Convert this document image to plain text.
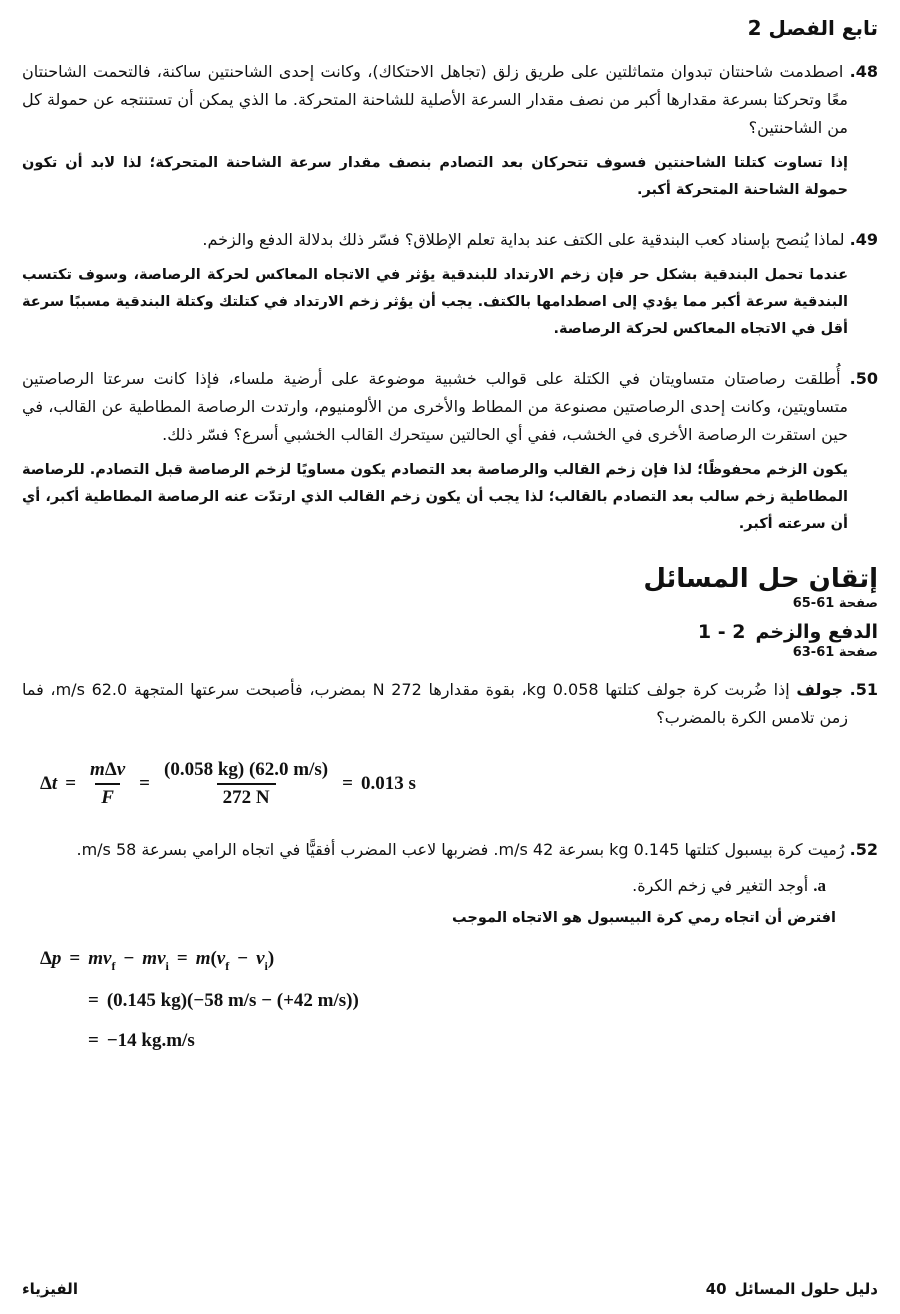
تابع الفصل 2

48. اصطدمت شاحنتان تبدوان متماثلتين على طريق زلق (تجاهل الاحتكاك)، وكانت إحدى الشاحنتين ساكنة، فالتحمت الشاحنتان معًا وتحركتا بسرعة مقدارها أكبر من نصف مقدار السرعة الأصلية للشاحنة المتحركة. ما الذي يمكن أن تستنتجه عن حمولة كل من الشاحنتين؟

إذا تساوت كتلتا الشاحنتين فسوف تتحركان بعد التصادم بنصف مقدار سرعة الشاحنة المتحركة؛ لذا لابد أن تكون حمولة الشاحنة المتحركة أكبر.

49. لماذا يُنصح بإسناد كعب البندقية على الكتف عند بداية تعلم الإطلاق؟ فسّر ذلك بدلالة الدفع والزخم.

عندما تحمل البندقية بشكل حر فإن زخم الارتداد للبندقية يؤثر في الاتجاه المعاكس لحركة الرصاصة، وسوف تكتسب البندقية سرعة أكبر مما يؤدي إلى اصطدامها بالكتف. يجب أن يؤثر زخم الارتداد في كتلتك وكتلة البندقية مسببًا سرعة أقل في الاتجاه المعاكس لحركة الرصاصة.

50. أُطلقت رصاصتان متساويتان في الكتلة على قوالب خشبية موضوعة على أرضية ملساء، فإذا كانت سرعتا الرصاصتين متساويتين، وكانت إحدى الرصاصتين مصنوعة من المطاط والأخرى من الألومنيوم، وارتدت الرصاصة المطاطية عن القالب، في حين استقرت الرصاصة الأخرى في الخشب، ففي أي الحالتين سيتحرك القالب الخشبي أسرع؟ فسّر ذلك.

يكون الزخم محفوظًا؛ لذا فإن زخم القالب والرصاصة بعد التصادم يكون مساويًا لزخم الرصاصة قبل التصادم. للرصاصة المطاطية زخم سالب بعد التصادم بالقالب؛ لذا يجب أن يكون زخم القالب الذي ارتدّت عنه الرصاصة المطاطية أكبر، أي أن سرعته أكبر.

إتقان حل المسائل
صفحة 61-65
الدفع والزخم
1 - 2
صفحة 61-63

51. جولف إذا ضُربت كرة جولف كتلتها 0.058 kg، بقوة مقدارها 272 N بمضرب، فأصبحت سرعتها المتجهة 62.0 m/s، فما زمن تلامس الكرة بالمضرب؟

Δ $t = \frac{\text{mΔv}}{F} = \frac{(0.058 kg) (62.0 m/s)}{272 N} = 0.013$ s

52. رُميت كرة بيسبول كتلتها 0.145 kg بسرعة 42 m/s. فضربها لاعب المضرب أفقيًّا في اتجاه الرامي بسرعة 58 m/s.

a. أوجد التغير في زخم الكرة.

افترض أن اتجاه رمي كرة البيسبول هو الاتجاه الموجب

$\Delta p = mv_f - mv_i = m(v_f - v_i)$
= (0.145 kg)(−58 m/s − (+42 m/s))
= −14 kg.m/s
دليل حلول المسائل
40
الفيزياء
